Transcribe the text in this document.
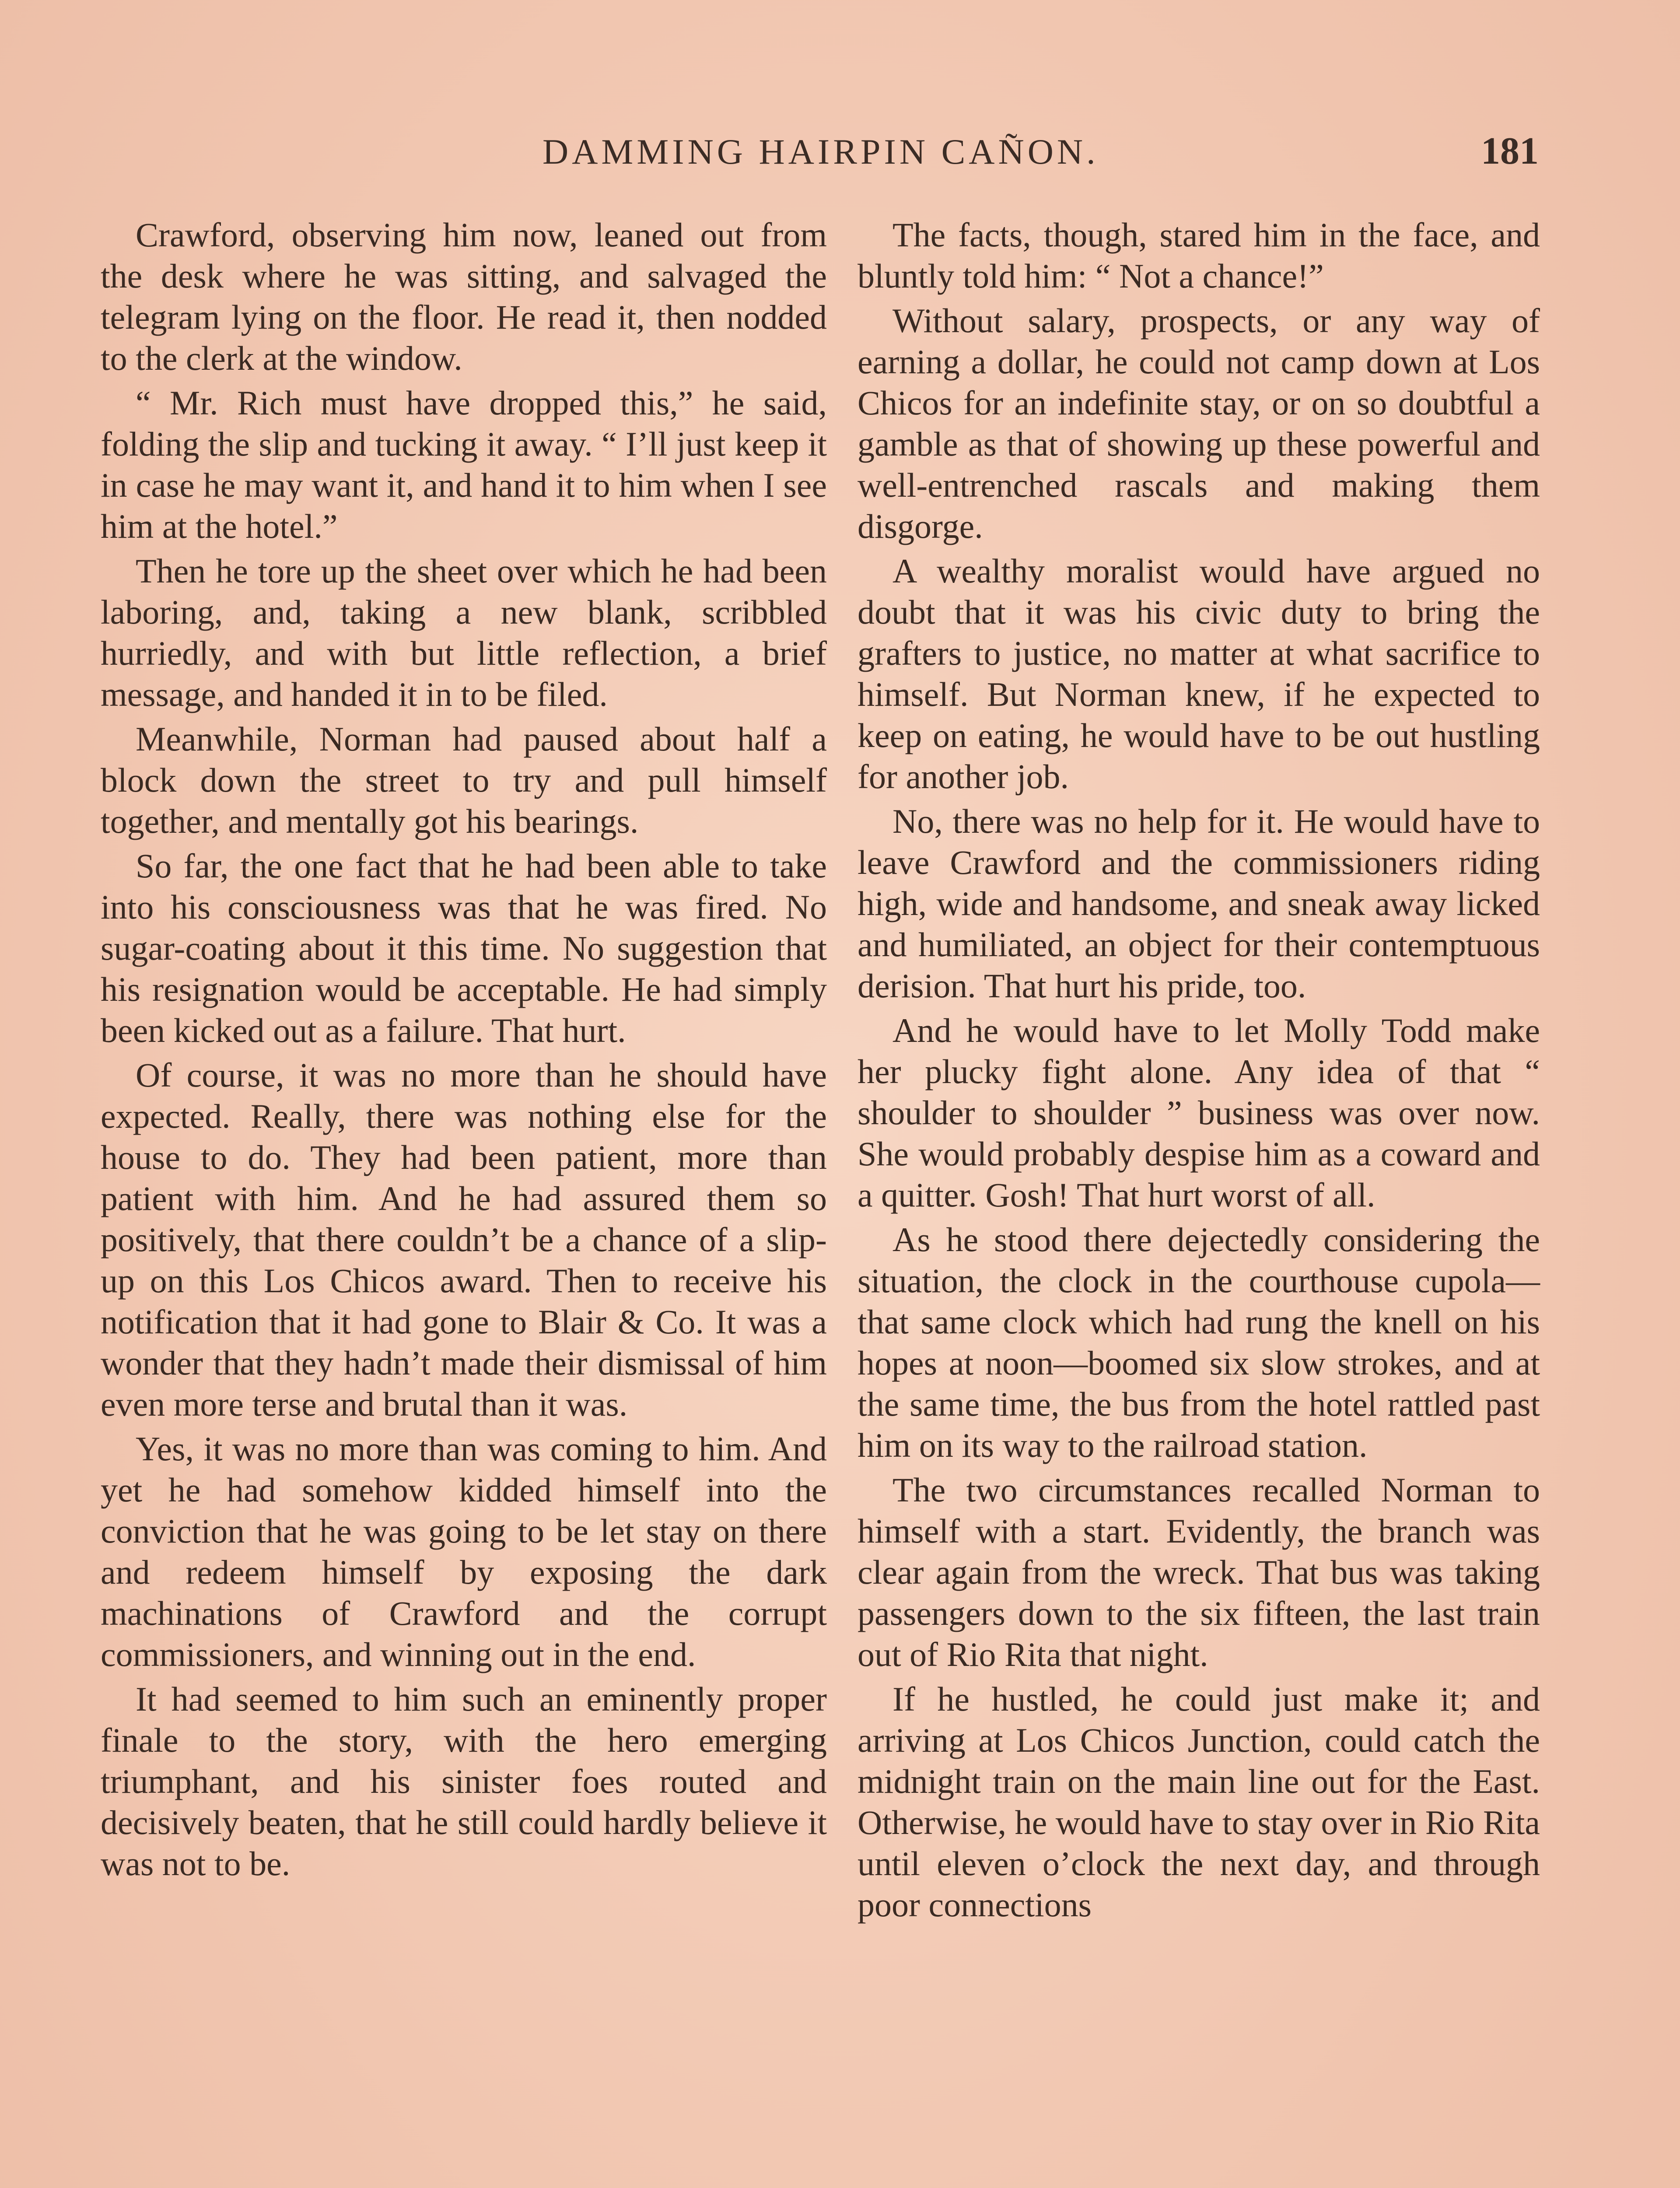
DAMMING HAIRPIN CAÑON.	181

Crawford, observing him now, leaned out from the desk where he was sitting, and salvaged the telegram lying on the floor. He read it, then nodded to the clerk at the window.

“ Mr. Rich must have dropped this,” he said, folding the slip and tucking it away. “ I’ll just keep it in case he may want it, and hand it to him when I see him at the hotel.”

Then he tore up the sheet over which he had been laboring, and, taking a new blank, scribbled hurriedly, and with but little reflection, a brief message, and handed it in to be filed.

Meanwhile, Norman had paused about half a block down the street to try and pull himself together, and mentally got his bearings.

So far, the one fact that he had been able to take into his consciousness was that he was fired. No sugar-coating about it this time. No suggestion that his resignation would be acceptable. He had simply been kicked out as a failure. That hurt.

Of course, it was no more than he should have expected. Really, there was nothing else for the house to do. They had been patient, more than patient with him. And he had assured them so positively, that there couldn’t be a chance of a slip-up on this Los Chicos award. Then to receive his notification that it had gone to Blair & Co. It was a wonder that they hadn’t made their dismissal of him even more terse and brutal than it was.

Yes, it was no more than was coming to him. And yet he had somehow kidded himself into the conviction that he was going to be let stay on there and redeem himself by exposing the dark machinations of Crawford and the corrupt commissioners, and winning out in the end.

It had seemed to him such an eminently proper finale to the story, with the hero emerging triumphant, and his sinister foes routed and decisively beaten, that he still could hardly believe it was not to be.

The facts, though, stared him in the face, and bluntly told him: “ Not a chance!”

Without salary, prospects, or any way of earning a dollar, he could not camp down at Los Chicos for an indefinite stay, or on so doubtful a gamble as that of showing up these powerful and well-entrenched rascals and making them disgorge.

A wealthy moralist would have argued no doubt that it was his civic duty to bring the grafters to justice, no matter at what sacrifice to himself. But Norman knew, if he expected to keep on eating, he would have to be out hustling for another job.

No, there was no help for it. He would have to leave Crawford and the commissioners riding high, wide and handsome, and sneak away licked and humiliated, an object for their contemptuous derision. That hurt his pride, too.

And he would have to let Molly Todd make her plucky fight alone. Any idea of that “ shoulder to shoulder ” business was over now. She would probably despise him as a coward and a quitter. Gosh! That hurt worst of all.

As he stood there dejectedly considering the situation, the clock in the courthouse cupola—that same clock which had rung the knell on his hopes at noon—boomed six slow strokes, and at the same time, the bus from the hotel rattled past him on its way to the railroad station.

The two circumstances recalled Norman to himself with a start. Evidently, the branch was clear again from the wreck. That bus was taking passengers down to the six fifteen, the last train out of Rio Rita that night.

If he hustled, he could just make it; and arriving at Los Chicos Junction, could catch the midnight train on the main line out for the East. Otherwise, he would have to stay over in Rio Rita until eleven o’clock the next day, and through poor connections
